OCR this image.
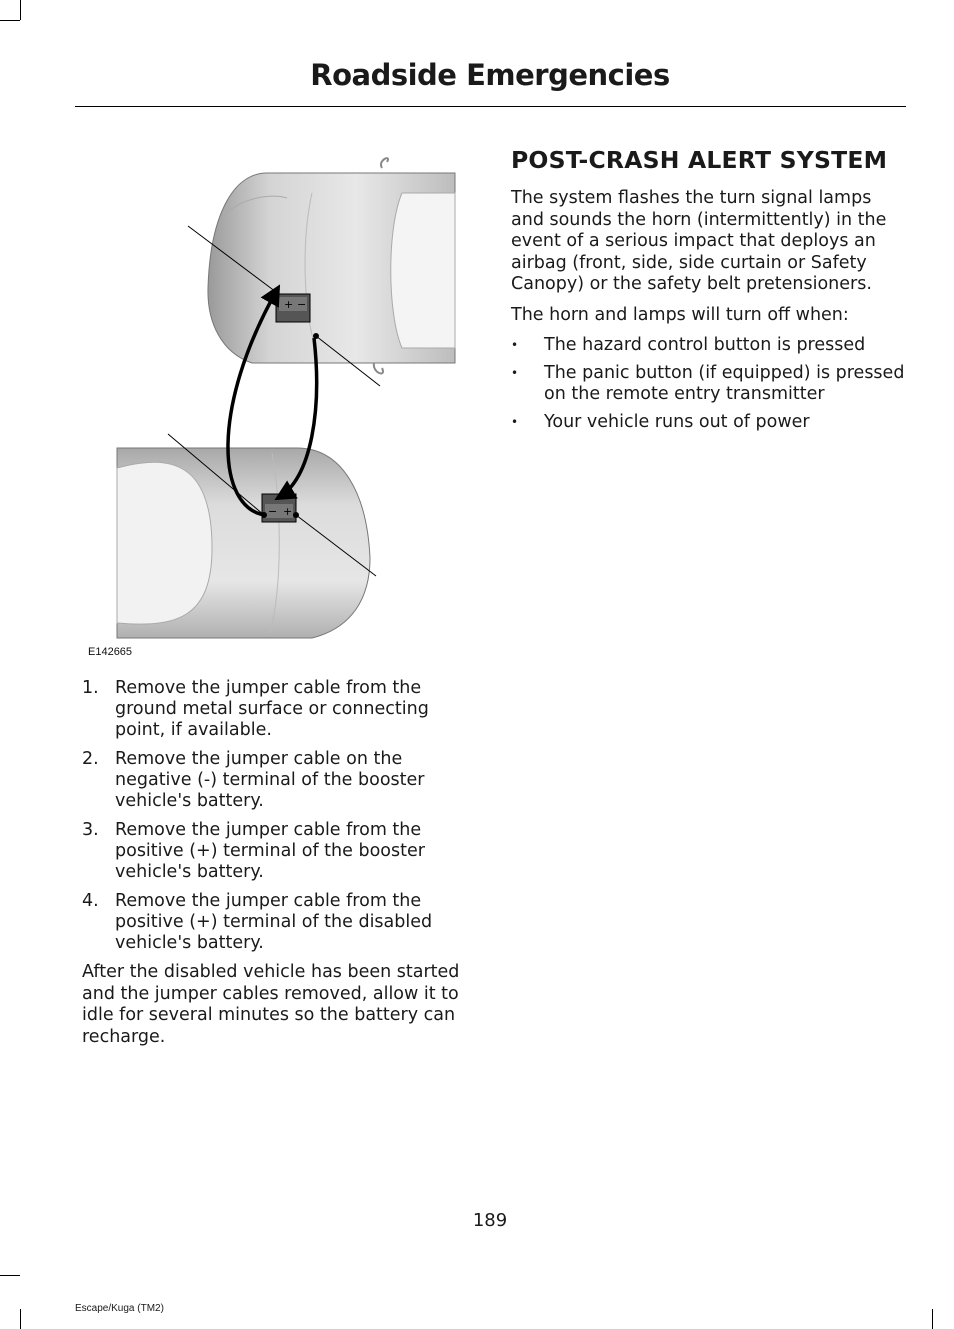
Roadside Emergencies
+ −
− +
E142665
1. Remove the jumper cable from the ground metal surface or connecting point, if available.
2. Remove the jumper cable on the negative (-) terminal of the booster vehicle's battery.
3. Remove the jumper cable from the positive (+) terminal of the booster vehicle's battery.
4. Remove the jumper cable from the positive (+) terminal of the disabled vehicle's battery.

After the disabled vehicle has been started and the jumper cables removed, allow it to idle for several minutes so the battery can recharge.

POST-CRASH ALERT SYSTEM

The system flashes the turn signal lamps and sounds the horn (intermittently) in the event of a serious impact that deploys an airbag (front, side, side curtain or Safety Canopy) or the safety belt pretensioners.

The horn and lamps will turn off when:

• The hazard control button is pressed
• The panic button (if equipped) is pressed on the remote entry transmitter
• Your vehicle runs out of power
189
Escape/Kuga (TM2)
